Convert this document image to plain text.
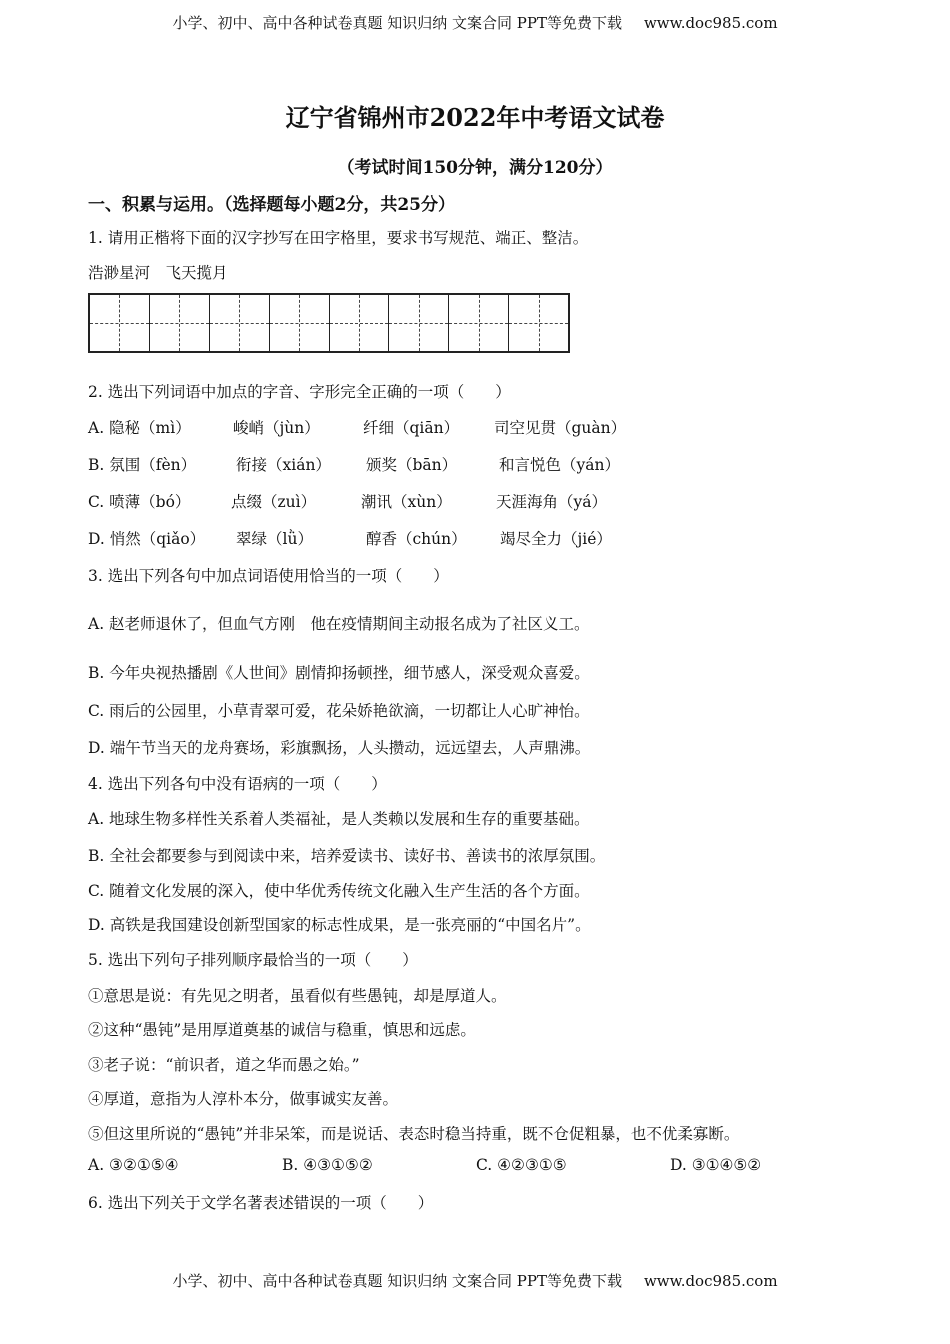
小学、初中、高中各种试卷真题 知识归纳 文案合同 PPT等免费下载 www.doc985.com
辽宁省锦州市2022年中考语文试卷
（考试时间150分钟，满分120分）
一、积累与运用。（选择题每小题2分，共25分）
1. 请用正楷将下面的汉字抄写在田字格里，要求书写规范、端正、整洁。
浩渺星河　飞天揽月
2. 选出下列词语中加点的字音、字形完全正确的一项（　　）
A. 隐秘（mì）	峻峭（jùn）	纤细（qiān） 司空见贯（guàn）
B. 氛围（fèn）	衔接（xián） 颁奖（bān）	和言悦色（yán）
C. 喷薄（bó）	点缀（zuì）	潮讯（xùn）	天涯海角（yá）
D. 悄然（qiǎo） 翠绿（lǜ）	醇香（chún） 竭尽全力（jié）
3. 选出下列各句中加点词语使用恰当的一项（　　）
A. 赵老师退休了，但血气方刚　他在疫情期间主动报名成为了社区义工。
B. 今年央视热播剧《人世间》剧情抑扬顿挫，细节感人，深受观众喜爱。
C. 雨后的公园里，小草青翠可爱，花朵娇艳欲滴，一切都让人心旷神怡。
D. 端午节当天的龙舟赛场，彩旗飘扬，人头攒动，远远望去，人声鼎沸。
4. 选出下列各句中没有语病的一项（　　）
A. 地球生物多样性关系着人类福祉，是人类赖以发展和生存的重要基础。
B. 全社会都要参与到阅读中来，培养爱读书、读好书、善读书的浓厚氛围。
C. 随着文化发展的深入，使中华优秀传统文化融入生产生活的各个方面。
D. 高铁是我国建设创新型国家的标志性成果，是一张亮丽的“中国名片”。
5. 选出下列句子排列顺序最恰当的一项（　　）
①意思是说：有先见之明者，虽看似有些愚钝，却是厚道人。
②这种“愚钝”是用厚道奠基的诚信与稳重，慎思和远虑。
③老子说：“前识者，道之华而愚之始。”
④厚道，意指为人淳朴本分，做事诚实友善。
⑤但这里所说的“愚钝”并非呆笨，而是说话、表态时稳当持重，既不仓促粗暴，也不优柔寡断。
A. ③②①⑤④	B. ④③①⑤②	C. ④②③①⑤	D. ③①④⑤②
6. 选出下列关于文学名著表述错误的一项（　　）
小学、初中、高中各种试卷真题 知识归纳 文案合同 PPT等免费下载 www.doc985.com
